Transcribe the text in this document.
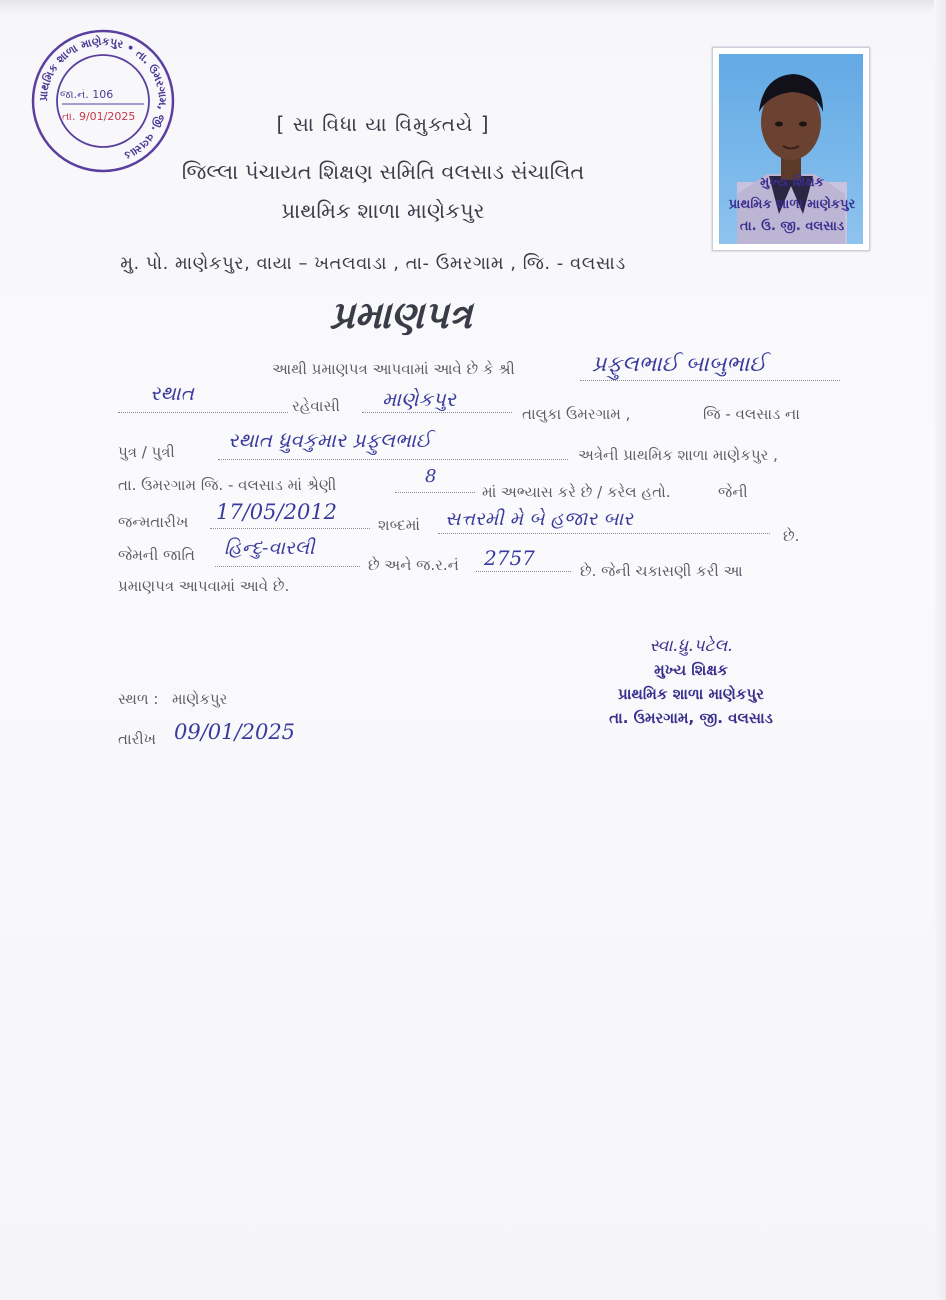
પ્રાથમિક શાળા માણેકપુર • તા. ઉમરગામ, જી. વલસાડ
જા.નં. 106
તા. 9/01/2025
મુખ્ય શિક્ષક
પ્રાથમિક શાળા માણેકપુર
તા. ઉ. જી. વલસાડ
[ સા વિધા યા વિમુક્તયે ]
જિલ્લા પંચાયત શિક્ષણ સમિતિ વલસાડ સંચાલિત
પ્રાથમિક શાળા માણેકપુર
મુ. પો. માણેકપુર, વાયા – ખતલવાડા , તા- ઉમરગામ , જિ. - વલસાડ
પ્રમાણપત્ર
આથી પ્રમાણપત્ર આપવામાં આવે છે કે શ્રી	પ્રફુલભાઈ બાબુભાઈ
રથાત
રહેવાસી માણેકપુર
તાલુકા ઉમરગામ ,	જિ - વલસાડ ના
પુત્ર / પુત્રી	રથાત ધ્રુવકુમાર પ્રફુલભાઈ
અત્રેની પ્રાથમિક શાળા માણેકપુર ,
તા. ઉમરગામ જિ. - વલસાડ માં શ્રેણી	8
માં અભ્યાસ કરે છે / કરેલ હતો.	જેની
જન્મતારીખ 17/05/2012
શબ્દમાં સત્તરમી મે બે હજાર બાર
છે.
જેમની જાતિ હિન્દુ-વારલી
છે અને જ.ર.નં 2757
છે. જેની ચકાસણી કરી આ
પ્રમાણપત્ર આપવામાં આવે છે.
સ્વા.ધ્રુ.પટેલ.
મુખ્ય શિક્ષક
પ્રાથમિક શાળા માણેકપુર
તા. ઉમરગામ, જી. વલસાડ
સ્થળ : માણેકપુર
તારીખ 09/01/2025
